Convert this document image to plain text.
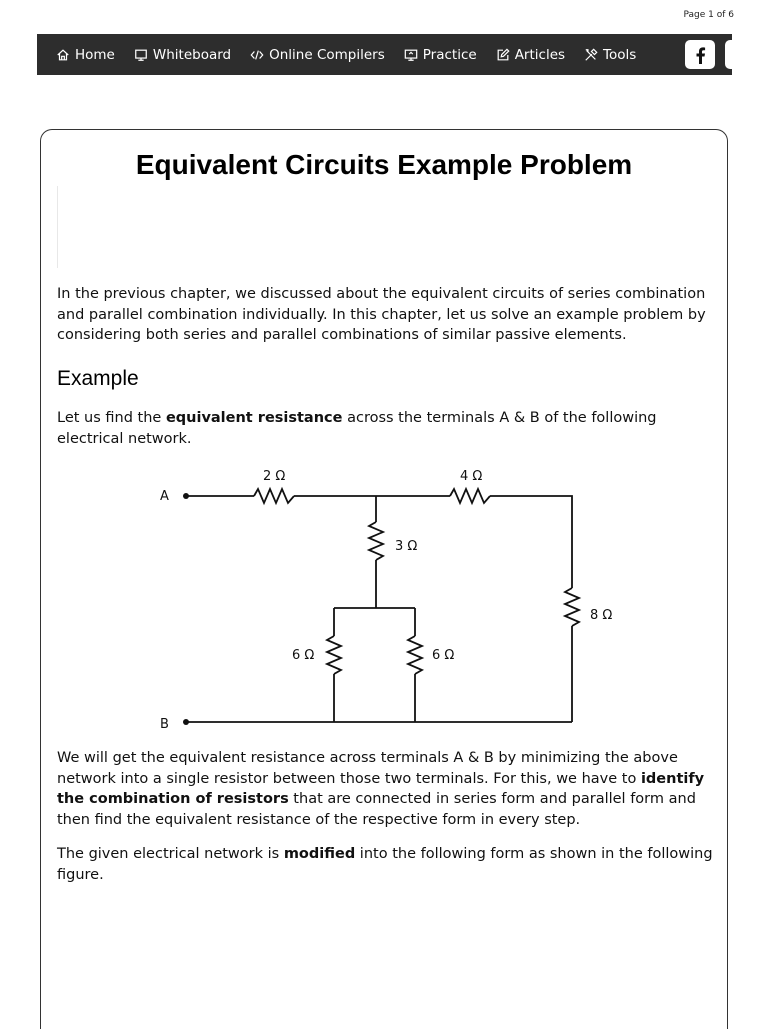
Page 1 of 6
Home	Whiteboard	Online Compilers	Practice	Articles	Tools
Equivalent Circuits Example Problem

In the previous chapter, we discussed about the equivalent circuits of series combination and parallel combination individually. In this chapter, let us solve an example problem by considering both series and parallel combinations of similar passive elements.

Example

Let us find the equivalent resistance across the terminals A & B of the following electrical network.

A
B
2 Ω	4 Ω
3 Ω
6 Ω	6 Ω
8 Ω

We will get the equivalent resistance across terminals A & B by minimizing the above network into a single resistor between those two terminals. For this, we have to identify the combination of resistors that are connected in series form and parallel form and then find the equivalent resistance of the respective form in every step.

The given electrical network is modified into the following form as shown in the following figure.
